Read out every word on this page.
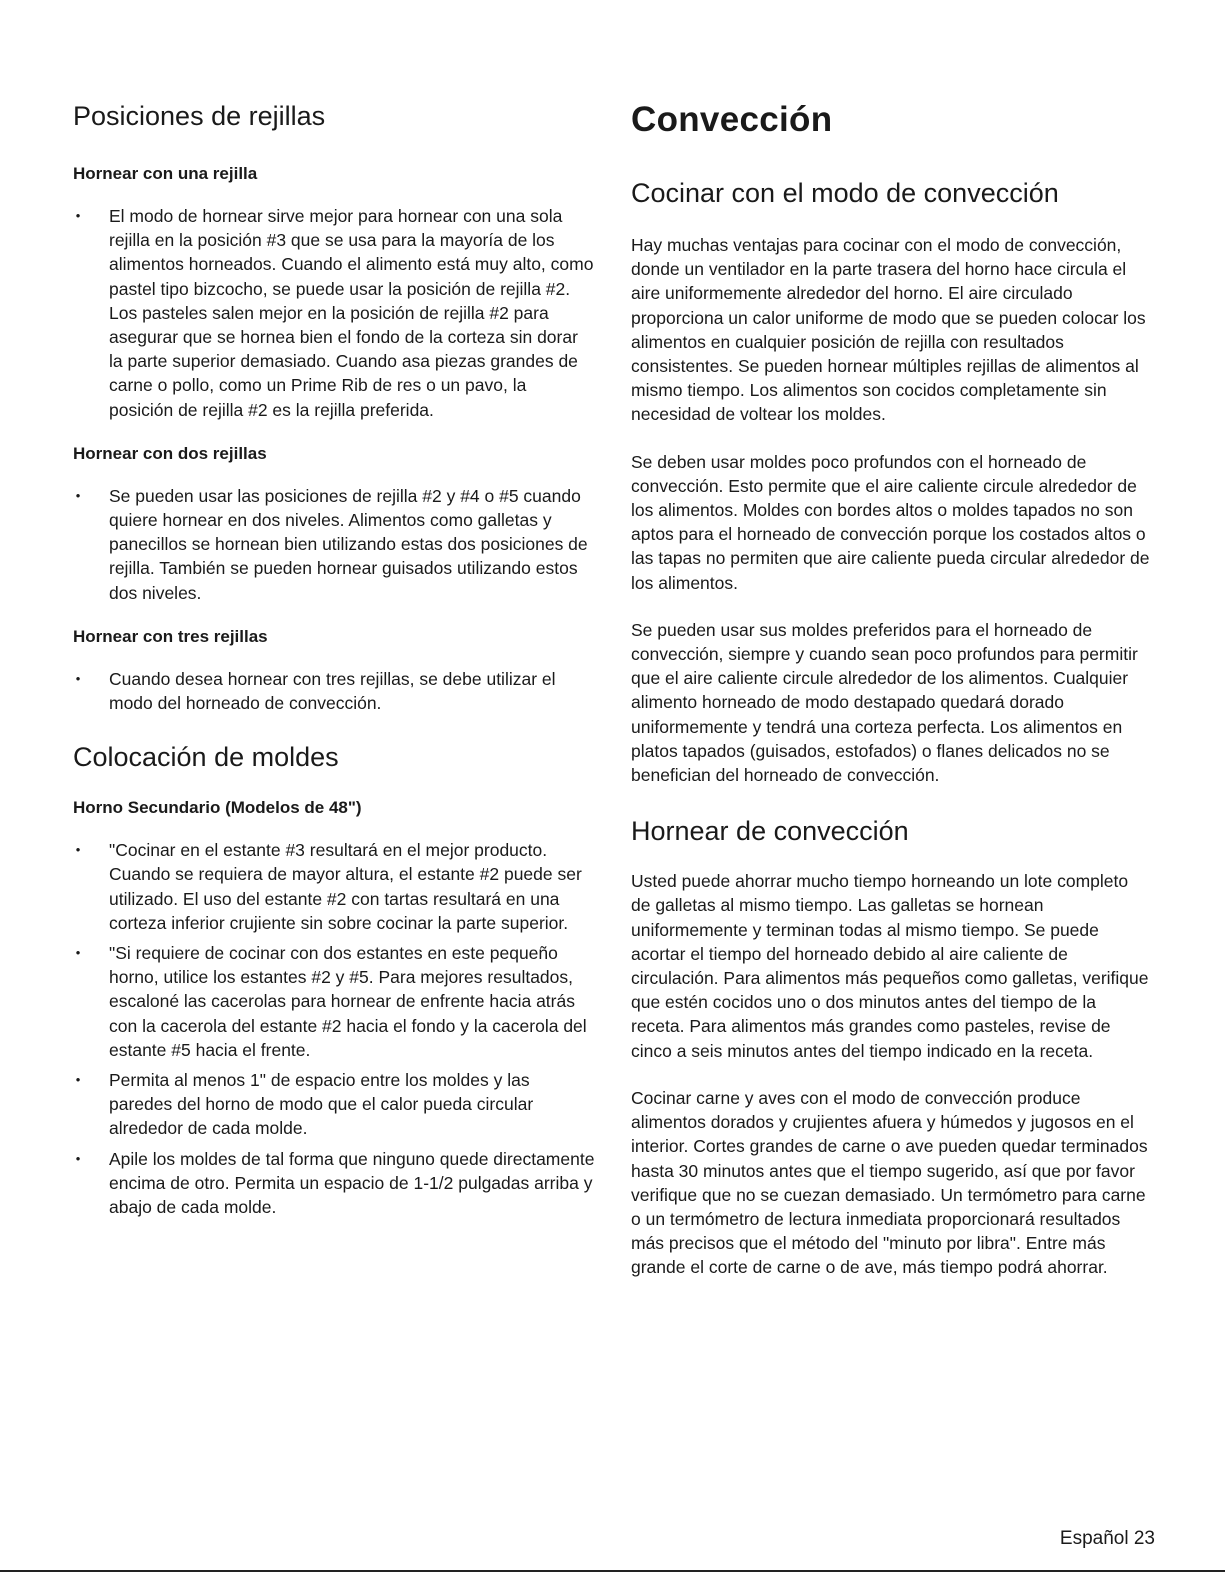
Posiciones de rejillas
Hornear con una rejilla
• El modo de hornear sirve mejor para hornear con una sola rejilla en la posición #3 que se usa para la mayoría de los alimentos horneados. Cuando el alimento está muy alto, como pastel tipo bizcocho, se puede usar la posición de rejilla #2. Los pasteles salen mejor en la posición de rejilla #2 para asegurar que se hornea bien el fondo de la corteza sin dorar la parte superior demasiado. Cuando asa piezas grandes de carne o pollo, como un Prime Rib de res o un pavo, la posición de rejilla #2 es la rejilla preferida.
Hornear con dos rejillas
• Se pueden usar las posiciones de rejilla #2 y #4 o #5 cuando quiere hornear en dos niveles. Alimentos como galletas y panecillos se hornean bien utilizando estas dos posiciones de rejilla. También se pueden hornear guisados utilizando estos dos niveles.
Hornear con tres rejillas
• Cuando desea hornear con tres rejillas, se debe utilizar el modo del horneado de convección.
Colocación de moldes
Horno Secundario (Modelos de 48")
• "Cocinar en el estante #3 resultará en el mejor producto. Cuando se requiera de mayor altura, el estante #2 puede ser utilizado. El uso del estante #2 con tartas resultará en una corteza inferior crujiente sin sobre cocinar la parte superior.
• "Si requiere de cocinar con dos estantes en este pequeño horno, utilice los estantes #2 y #5. Para mejores resultados, escaloné las cacerolas para hornear de enfrente hacia atrás con la cacerola del estante #2 hacia el fondo y la cacerola del estante #5 hacia el frente.
• Permita al menos 1" de espacio entre los moldes y las paredes del horno de modo que el calor pueda circular alrededor de cada molde.
• Apile los moldes de tal forma que ninguno quede directamente encima de otro. Permita un espacio de 1-1/2 pulgadas arriba y abajo de cada molde.
Convección
Cocinar con el modo de convección

Hay muchas ventajas para cocinar con el modo de convección, donde un ventilador en la parte trasera del horno hace circula el aire uniformemente alrededor del horno. El aire circulado proporciona un calor uniforme de modo que se pueden colocar los alimentos en cualquier posición de rejilla con resultados consistentes. Se pueden hornear múltiples rejillas de alimentos al mismo tiempo. Los alimentos son cocidos completamente sin necesidad de voltear los moldes.

Se deben usar moldes poco profundos con el horneado de convección. Esto permite que el aire caliente circule alrededor de los alimentos. Moldes con bordes altos o moldes tapados no son aptos para el horneado de convección porque los costados altos o las tapas no permiten que aire caliente pueda circular alrededor de los alimentos.

Se pueden usar sus moldes preferidos para el horneado de convección, siempre y cuando sean poco profundos para permitir que el aire caliente circule alrededor de los alimentos. Cualquier alimento horneado de modo destapado quedará dorado uniformemente y tendrá una corteza perfecta. Los alimentos en platos tapados (guisados, estofados) o flanes delicados no se benefician del horneado de convección.

Hornear de convección

Usted puede ahorrar mucho tiempo horneando un lote completo de galletas al mismo tiempo. Las galletas se hornean uniformemente y terminan todas al mismo tiempo. Se puede acortar el tiempo del horneado debido al aire caliente de circulación. Para alimentos más pequeños como galletas, verifique que estén cocidos uno o dos minutos antes del tiempo de la receta. Para alimentos más grandes como pasteles, revise de cinco a seis minutos antes del tiempo indicado en la receta.

Cocinar carne y aves con el modo de convección produce alimentos dorados y crujientes afuera y húmedos y jugosos en el interior. Cortes grandes de carne o ave pueden quedar terminados hasta 30 minutos antes que el tiempo sugerido, así que por favor verifique que no se cuezan demasiado. Un termómetro para carne o un termómetro de lectura inmediata proporcionará resultados más precisos que el método del "minuto por libra". Entre más grande el corte de carne o de ave, más tiempo podrá ahorrar.

Español 23
